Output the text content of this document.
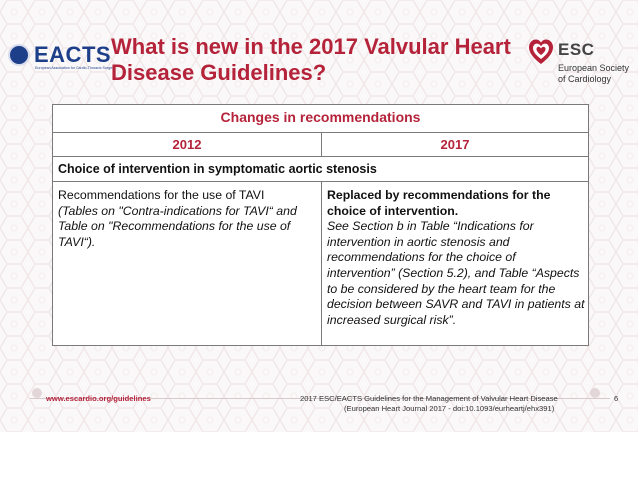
EACTS
European Association for Cardio-Thoracic Surgery
What is new in the 2017 Valvular Heart
Disease Guidelines?
ESC
European Society
of Cardiology
Changes in recommendations
2012	2017
Choice of intervention in symptomatic aortic stenosis
Recommendations for the use of TAVI
(Tables on "Contra-indications for TAVI“ and Table on "Recommendations for the use of TAVI“).
Replaced by recommendations for the choice of intervention.
See Section b in Table “Indications for intervention in aortic stenosis and recommendations for the choice of intervention” (Section 5.2), and Table “Aspects to be considered by the heart team for the decision between SAVR and TAVI in patients at increased surgical risk”.
www.escardio.org/guidelines	2017 ESC/EACTS Guidelines for the Management of Valvular Heart Disease
(European Heart Journal 2017 - doi:10.1093/eurheartj/ehx391)
6
